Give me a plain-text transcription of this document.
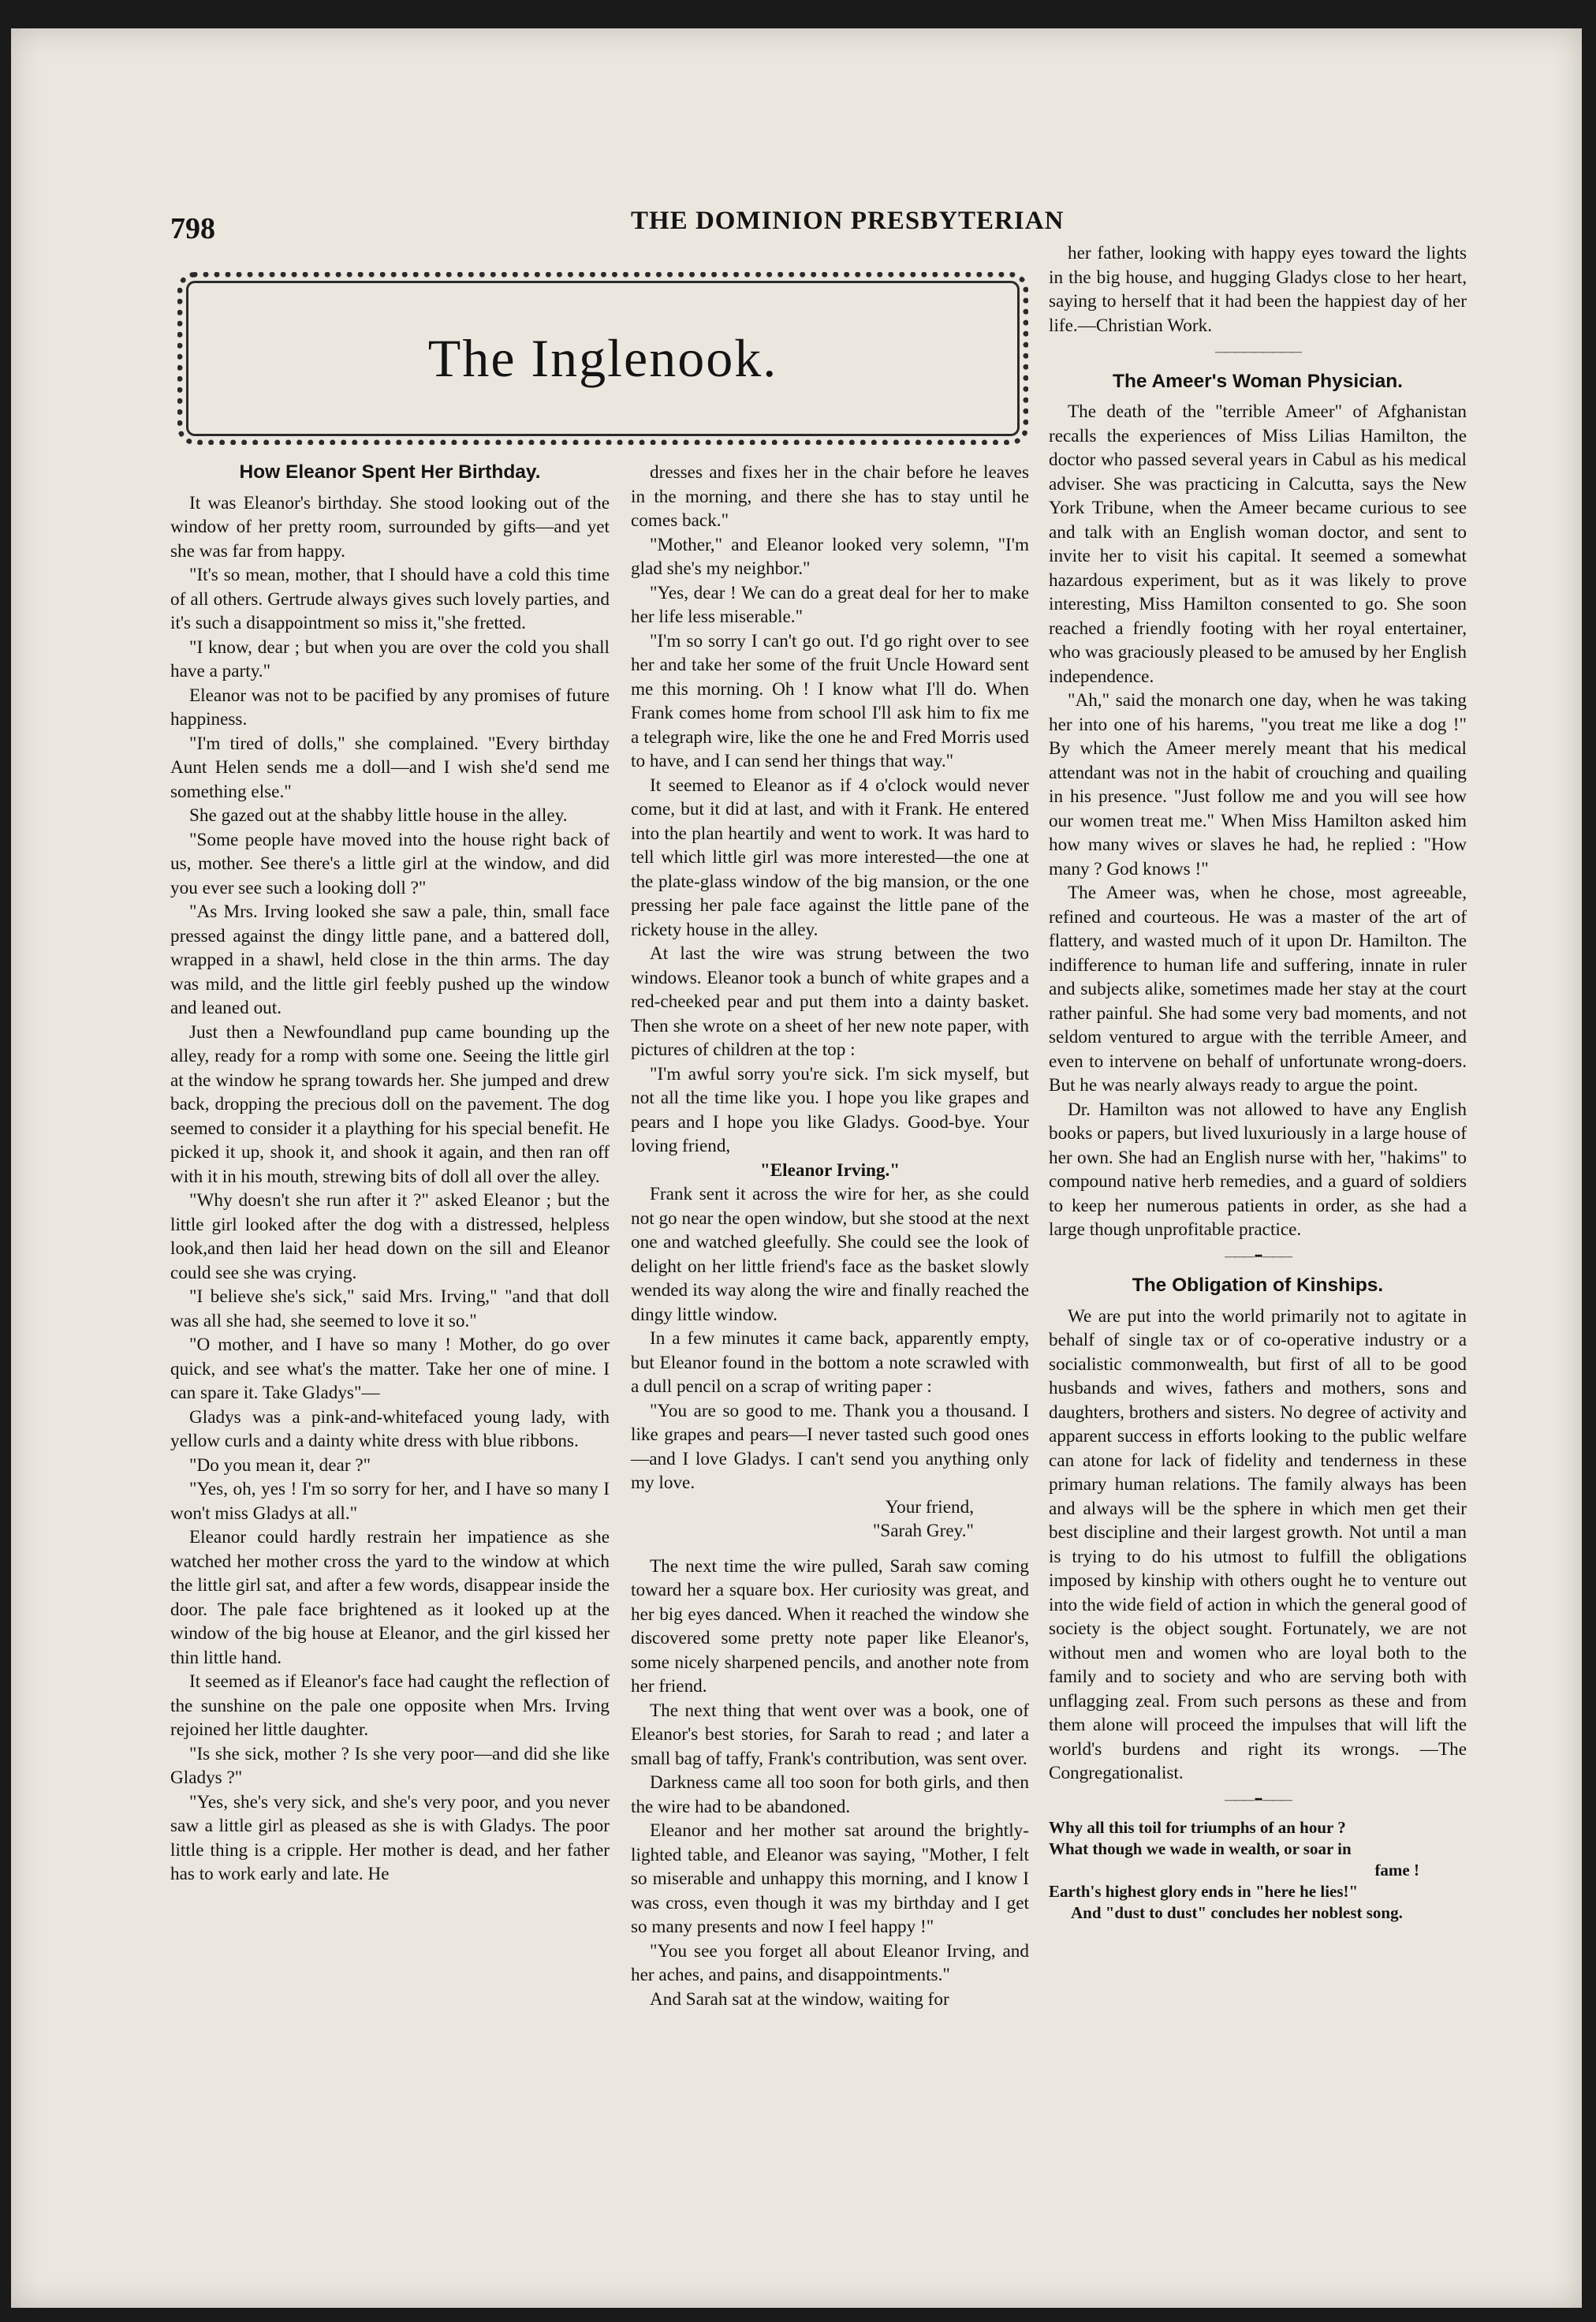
798	THE DOMINION PRESBYTERIAN
The Inglenook.
How Eleanor Spent Her Birthday.

It was Eleanor's birthday. She stood looking out of the window of her pretty room, surrounded by gifts—and yet she was far from happy.

"It's so mean, mother, that I should have a cold this time of all others. Gertrude always gives such lovely parties, and it's such a disappointment so miss it,"she fretted.

"I know, dear ; but when you are over the cold you shall have a party."

Eleanor was not to be pacified by any promises of future happiness.

"I'm tired of dolls," she complained. "Every birthday Aunt Helen sends me a doll—and I wish she'd send me something else."

She gazed out at the shabby little house in the alley.

"Some people have moved into the house right back of us, mother. See there's a little girl at the window, and did you ever see such a looking doll ?"

"As Mrs. Irving looked she saw a pale, thin, small face pressed against the dingy little pane, and a battered doll, wrapped in a shawl, held close in the thin arms. The day was mild, and the little girl feebly pushed up the window and leaned out.

Just then a Newfoundland pup came bounding up the alley, ready for a romp with some one. Seeing the little girl at the window he sprang towards her. She jumped and drew back, dropping the precious doll on the pavement. The dog seemed to consider it a plaything for his special benefit. He picked it up, shook it, and shook it again, and then ran off with it in his mouth, strewing bits of doll all over the alley.

"Why doesn't she run after it ?" asked Eleanor ; but the little girl looked after the dog with a distressed, helpless look,and then laid her head down on the sill and Eleanor could see she was crying.

"I believe she's sick," said Mrs. Irving," "and that doll was all she had, she seemed to love it so."

"O mother, and I have so many ! Mother, do go over quick, and see what's the matter. Take her one of mine. I can spare it. Take Gladys"—

Gladys was a pink-and-whitefaced young lady, with yellow curls and a dainty white dress with blue ribbons.

"Do you mean it, dear ?"

"Yes, oh, yes ! I'm so sorry for her, and I have so many I won't miss Gladys at all."

Eleanor could hardly restrain her impatience as she watched her mother cross the yard to the window at which the little girl sat, and after a few words, disappear inside the door. The pale face brightened as it looked up at the window of the big house at Eleanor, and the girl kissed her thin little hand.

It seemed as if Eleanor's face had caught the reflection of the sunshine on the pale one opposite when Mrs. Irving rejoined her little daughter.

"Is she sick, mother ? Is she very poor—and did she like Gladys ?"

"Yes, she's very sick, and she's very poor, and you never saw a little girl as pleased as she is with Gladys. The poor little thing is a cripple. Her mother is dead, and her father has to work early and late. He

dresses and fixes her in the chair before he leaves in the morning, and there she has to stay until he comes back."

"Mother," and Eleanor looked very solemn, "I'm glad she's my neighbor."

"Yes, dear ! We can do a great deal for her to make her life less miserable."

"I'm so sorry I can't go out. I'd go right over to see her and take her some of the fruit Uncle Howard sent me this morning. Oh ! I know what I'll do. When Frank comes home from school I'll ask him to fix me a telegraph wire, like the one he and Fred Morris used to have, and I can send her things that way."

It seemed to Eleanor as if 4 o'clock would never come, but it did at last, and with it Frank. He entered into the plan heartily and went to work. It was hard to tell which little girl was more interested—the one at the plate-glass window of the big mansion, or the one pressing her pale face against the little pane of the rickety house in the alley.

At last the wire was strung between the two windows. Eleanor took a bunch of white grapes and a red-cheeked pear and put them into a dainty basket. Then she wrote on a sheet of her new note paper, with pictures of children at the top :

"I'm awful sorry you're sick. I'm sick myself, but not all the time like you. I hope you like grapes and pears and I hope you like Gladys. Good-bye. Your loving friend,

"Eleanor Irving."

Frank sent it across the wire for her, as she could not go near the open window, but she stood at the next one and watched gleefully. She could see the look of delight on her little friend's face as the basket slowly wended its way along the wire and finally reached the dingy little window.

In a few minutes it came back, apparently empty, but Eleanor found in the bottom a note scrawled with a dull pencil on a scrap of writing paper :

"You are so good to me. Thank you a thousand. I like grapes and pears—I never tasted such good ones—and I love Gladys. I can't send you anything only my love.

Your friend,

"Sarah Grey."

The next time the wire pulled, Sarah saw coming toward her a square box. Her curiosity was great, and her big eyes danced. When it reached the window she discovered some pretty note paper like Eleanor's, some nicely sharpened pencils, and another note from her friend.

The next thing that went over was a book, one of Eleanor's best stories, for Sarah to read ; and later a small bag of taffy, Frank's contribution, was sent over.

Darkness came all too soon for both girls, and then the wire had to be abandoned.

Eleanor and her mother sat around the brightly-lighted table, and Eleanor was saying, "Mother, I felt so miserable and unhappy this morning, and I know I was cross, even though it was my birthday and I get so many presents and now I feel happy !"

"You see you forget all about Eleanor Irving, and her aches, and pains, and disappointments."

And Sarah sat at the window, waiting for

her father, looking with happy eyes toward the lights in the big house, and hugging Gladys close to her heart, saying to herself that it had been the happiest day of her life.—Christian Work.

—————————
The Ameer's Woman Physician.

The death of the "terrible Ameer" of Afghanistan recalls the experiences of Miss Lilias Hamilton, the doctor who passed several years in Cabul as his medical adviser. She was practicing in Calcutta, says the New York Tribune, when the Ameer became curious to see and talk with an English woman doctor, and sent to invite her to visit his capital. It seemed a somewhat hazardous experiment, but as it was likely to prove interesting, Miss Hamilton consented to go. She soon reached a friendly footing with her royal entertainer, who was graciously pleased to be amused by her English independence.

"Ah," said the monarch one day, when he was taking her into one of his harems, "you treat me like a dog !" By which the Ameer merely meant that his medical attendant was not in the habit of crouching and quailing in his presence. "Just follow me and you will see how our women treat me." When Miss Hamilton asked him how many wives or slaves he had, he replied : "How many ? God knows !"

The Ameer was, when he chose, most agreeable, refined and courteous. He was a master of the art of flattery, and wasted much of it upon Dr. Hamilton. The indifference to human life and suffering, innate in ruler and subjects alike, sometimes made her stay at the court rather painful. She had some very bad moments, and not seldom ventured to argue with the terrible Ameer, and even to intervene on behalf of unfortunate wrong-doers. But he was nearly always ready to argue the point.

Dr. Hamilton was not allowed to have any English books or papers, but lived luxuriously in a large house of her own. She had an English nurse with her, "hakims" to compound native herb remedies, and a guard of soldiers to keep her numerous patients in order, as she had a large though unprofitable practice.

——— ••• ———
The Obligation of Kinships.

We are put into the world primarily not to agitate in behalf of single tax or of co-operative industry or a socialistic commonwealth, but first of all to be good husbands and wives, fathers and mothers, sons and daughters, brothers and sisters. No degree of activity and apparent success in efforts looking to the public welfare can atone for lack of fidelity and tenderness in these primary human relations. The family always has been and always will be the sphere in which men get their best discipline and their largest growth. Not until a man is trying to do his utmost to fulfill the obligations imposed by kinship with others ought he to venture out into the wide field of action in which the general good of society is the object sought. Fortunately, we are not without men and women who are loyal both to the family and to society and who are serving both with unflagging zeal. From such persons as these and from them alone will proceed the impulses that will lift the world's burdens and right its wrongs. —The Congregationalist.

——— ••• ———

Why all this toil for triumphs of an hour ?

What though we wade in wealth, or soar in

fame !

Earth's highest glory ends in "here he lies!"

And "dust to dust" concludes her noblest song.
